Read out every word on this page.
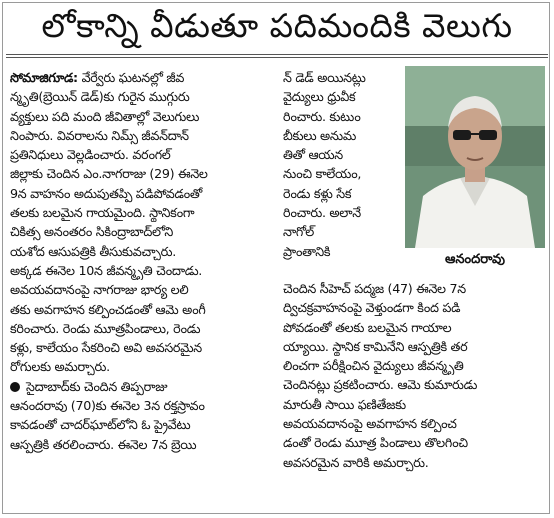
లోకాన్ని వీడుతూ పదిమందికి వెలుగు
సోమాజిగూడ: వేర్వేరు ఘటనల్లో జీవ
న్మృతి(బ్రెయిన్ డెడ్)కు గురైన ముగ్గురు
వ్యక్తులు పది మంది జీవితాల్లో వెలుగులు
నింపారు. వివరాలను నిమ్స్ జీవన్‌దాన్
ప్రతినిధులు వెల్లడించారు. వరంగల్
జిల్లాకు చెందిన ఎం.నాగరాజు (29) ఈనెల
9న వాహనం అదుపుతప్పి పడిపోవడంతో
తలకు బలమైన గాయమైంది. స్థానికంగా
చికిత్స అనంతరం సికింద్రాబాద్‌లోని
యశోద ఆసుపత్రికి తీసుకువచ్చారు.
అక్కడ ఈనెల 10న జీవన్మృతి చెందాడు.
అవయవదానంపై నాగరాజు భార్య లలి
తకు అవగాహన కల్పించడంతో ఆమె అంగీ
కరించారు. రెండు మూత్రపిండాలు, రెండు
కళ్లు, కాలేయం సేకరించి అవి అవసరమైన
రోగులకు అమర్చారు.
సైదాబాద్‌కు చెందిన తిప్పరాజు
ఆనందరావు (70)కు ఈనెల 3న రక్తస్రావం
కావడంతో చాదర్‌ఘాట్‌లోని ఓ ప్రైవేటు
ఆస్పత్రికి తరలించారు. ఈనెల 7న బ్రెయి
న్ డెడ్ అయినట్లు
వైద్యులు ధ్రువీక
రించారు. కుటుం
బీకులు అనుమ
తితో ఆయన
నుంచి కాలేయం,
రెండు కళ్లు సేక
రించారు. అలానే
నాగోల్
ప్రాంతానికి
ఆనందరావు
చెందిన సీహెచ్ పద్మజ (47) ఈనెల 7న
ద్విచక్రవాహనంపై వెళ్తుండగా కింద పడి
పోవడంతో తలకు బలమైన గాయాల
య్యాయి. స్థానిక కామినేని ఆస్పత్రికి తర
లించగా పరీక్షించిన వైద్యులు జీవన్మృతి
చెందినట్లు ప్రకటించారు. ఆమె కుమారుడు
మారుతీ సాయి ఫణితేజకు
అవయవదానంపై అవగాహన కల్పించ
డంతో రెండు మూత్ర పిండాలు తొలగించి
అవసరమైన వారికి అమర్చారు.
